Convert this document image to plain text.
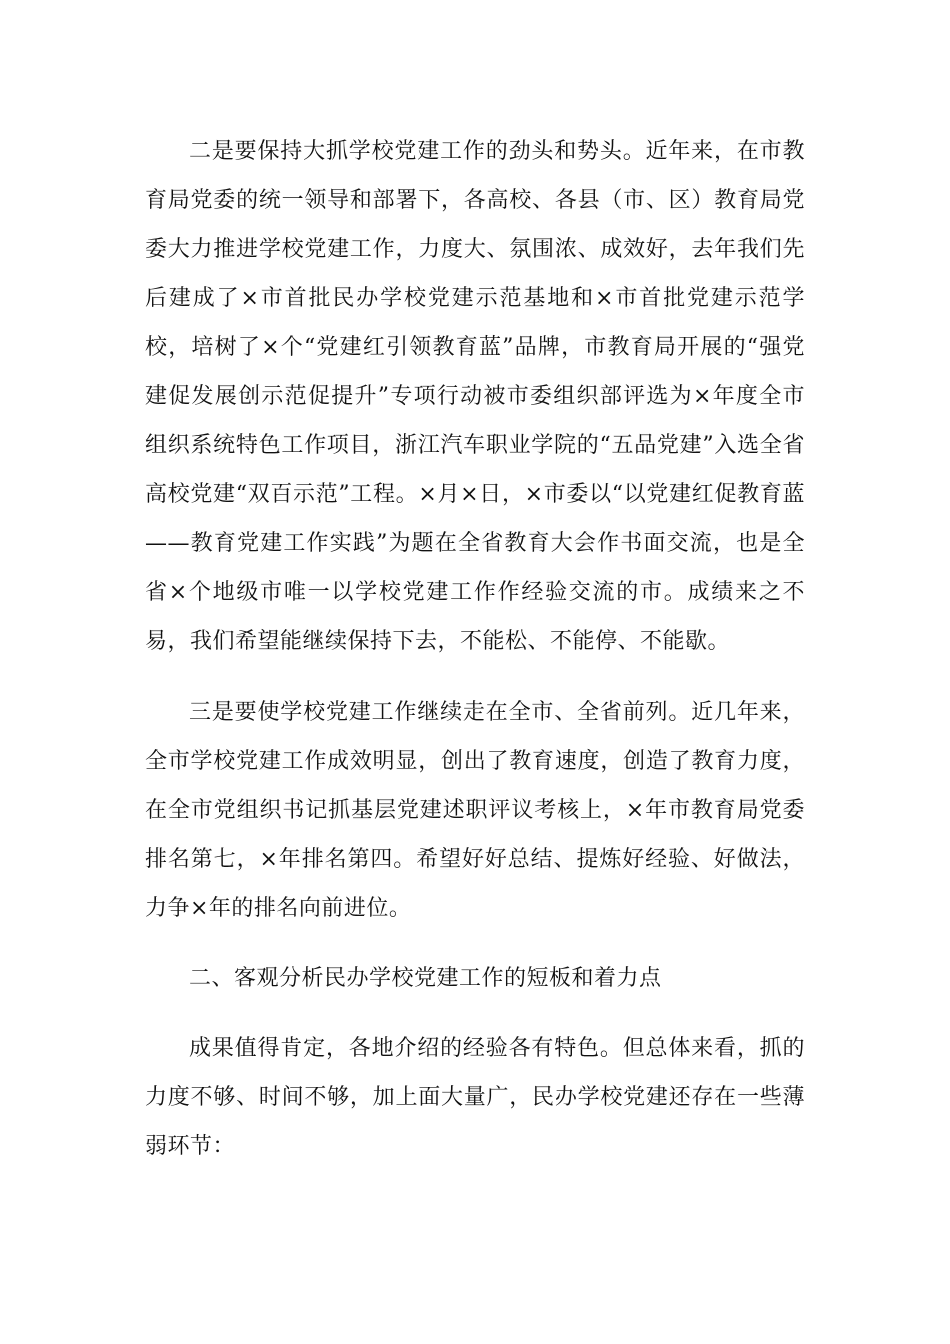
二是要保持大抓学校党建工作的劲头和势头。近年来，在市教育局党委的统一领导和部署下，各高校、各县（市、区）教育局党委大力推进学校党建工作，力度大、氛围浓、成效好，去年我们先后建成了×市首批民办学校党建示范基地和×市首批党建示范学校，培树了×个“党建红引领教育蓝”品牌，市教育局开展的“强党建促发展创示范促提升”专项行动被市委组织部评选为×年度全市组织系统特色工作项目，浙江汽车职业学院的“五品党建”入选全省高校党建“双百示范”工程。×月×日，×市委以“以党建红促教育蓝——教育党建工作实践”为题在全省教育大会作书面交流，也是全省×个地级市唯一以学校党建工作作经验交流的市。成绩来之不易，我们希望能继续保持下去，不能松、不能停、不能歇。

三是要使学校党建工作继续走在全市、全省前列。近几年来，全市学校党建工作成效明显，创出了教育速度，创造了教育力度，在全市党组织书记抓基层党建述职评议考核上，×年市教育局党委排名第七，×年排名第四。希望好好总结、提炼好经验、好做法，力争×年的排名向前进位。

二、客观分析民办学校党建工作的短板和着力点

成果值得肯定，各地介绍的经验各有特色。但总体来看，抓的力度不够、时间不够，加上面大量广，民办学校党建还存在一些薄弱环节：
